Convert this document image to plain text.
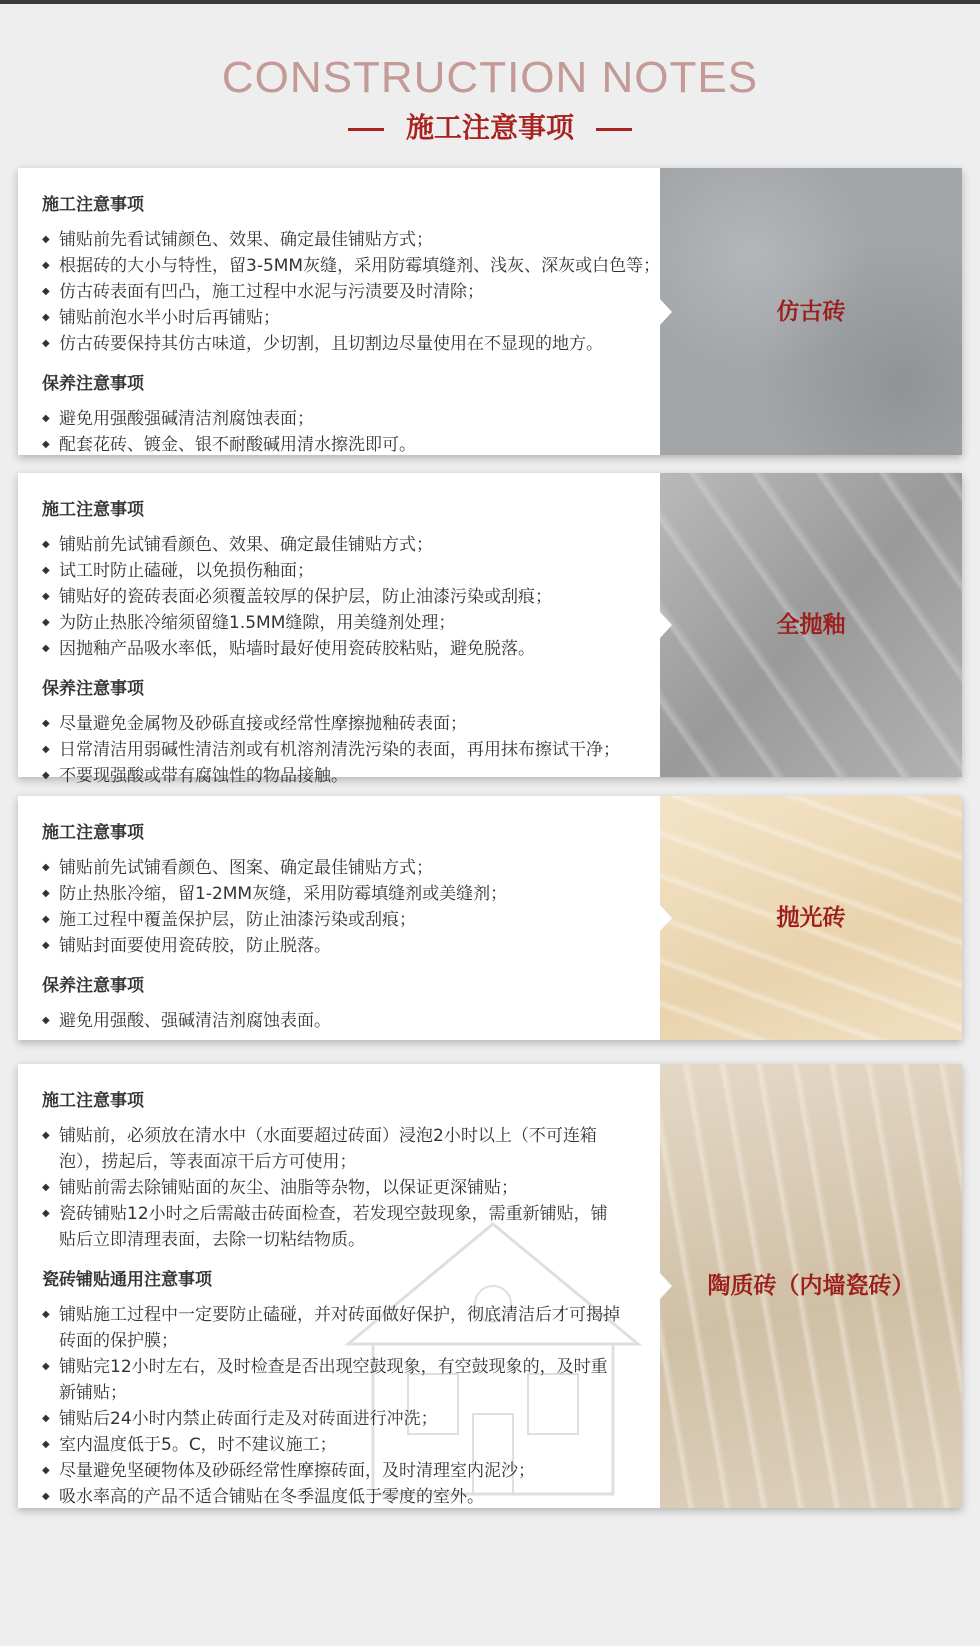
CONSTRUCTION NOTES
施工注意事项
施工注意事项
◆ 铺贴前先看试铺颜色、效果、确定最佳铺贴方式；
◆ 根据砖的大小与特性，留3-5MM灰缝，采用防霉填缝剂、浅灰、深灰或白色等；
◆ 仿古砖表面有凹凸，施工过程中水泥与污渍要及时清除；
◆ 铺贴前泡水半小时后再铺贴；
◆ 仿古砖要保持其仿古味道，少切割，且切割边尽量使用在不显现的地方。
保养注意事项
◆ 避免用强酸强碱清洁剂腐蚀表面；
◆ 配套花砖、镀金、银不耐酸碱用清水擦洗即可。
仿古砖
施工注意事项
◆ 铺贴前先试铺看颜色、效果、确定最佳铺贴方式；
◆ 试工时防止磕碰，以免损伤釉面；
◆ 铺贴好的瓷砖表面必须覆盖较厚的保护层，防止油漆污染或刮痕；
◆ 为防止热胀冷缩须留缝1.5MM缝隙，用美缝剂处理；
◆ 因抛釉产品吸水率低，贴墙时最好使用瓷砖胶粘贴，避免脱落。
保养注意事项
◆ 尽量避免金属物及砂砾直接或经常性摩擦抛釉砖表面；
◆ 日常清洁用弱碱性清洁剂或有机溶剂清洗污染的表面，再用抹布擦试干净；
◆ 不要现强酸或带有腐蚀性的物品接触。
全抛釉
施工注意事项
◆ 铺贴前先试铺看颜色、图案、确定最佳铺贴方式；
◆ 防止热胀冷缩，留1-2MM灰缝，采用防霉填缝剂或美缝剂；
◆ 施工过程中覆盖保护层，防止油漆污染或刮痕；
◆ 铺贴封面要使用瓷砖胶，防止脱落。
保养注意事项
◆ 避免用强酸、强碱清洁剂腐蚀表面。
抛光砖
施工注意事项
◆ 铺贴前，必须放在清水中（水面要超过砖面）浸泡2小时以上（不可连箱泡），捞起后，等表面凉干后方可使用；
◆ 铺贴前需去除铺贴面的灰尘、油脂等杂物，以保证更深铺贴；
◆ 瓷砖铺贴12小时之后需敲击砖面检查，若发现空鼓现象，需重新铺贴，铺贴后立即清理表面，去除一切粘结物质。
瓷砖铺贴通用注意事项
◆ 铺贴施工过程中一定要防止磕碰，并对砖面做好保护，彻底清洁后才可揭掉砖面的保护膜；
◆ 铺贴完12小时左右，及时检查是否出现空鼓现象，有空鼓现象的，及时重新铺贴；
◆ 铺贴后24小时内禁止砖面行走及对砖面进行冲洗；
◆ 室内温度低于5。C，时不建议施工；
◆ 尽量避免坚硬物体及砂砾经常性摩擦砖面，及时清理室内泥沙；
◆ 吸水率高的产品不适合铺贴在冬季温度低于零度的室外。
陶质砖（内墙瓷砖）
